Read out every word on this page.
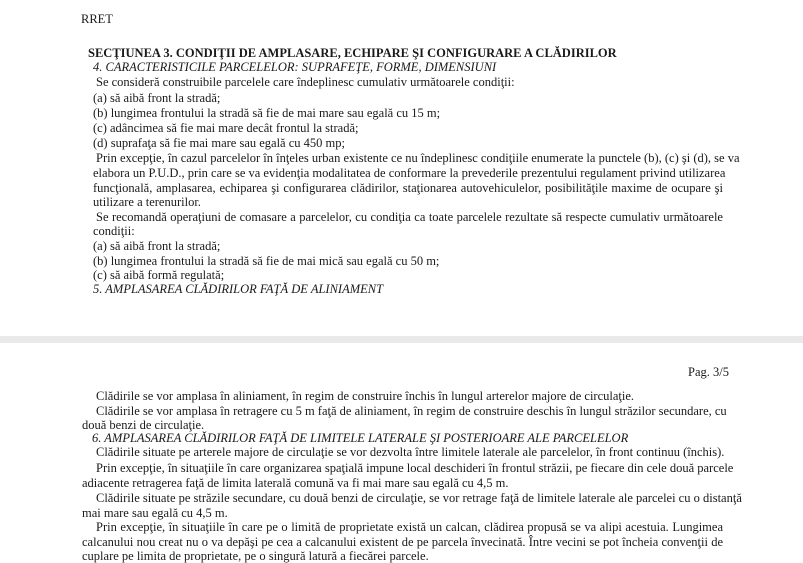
RRET
SECŢIUNEA 3. CONDIŢII DE AMPLASARE, ECHIPARE ŞI CONFIGURARE A CLĂDIRILOR
4. CARACTERISTICILE PARCELELOR: SUPRAFEŢE, FORME, DIMENSIUNI
Se consideră construibile parcelele care îndeplinesc cumulativ următoarele condiţii:
(a) să aibă front la stradă;
(b) lungimea frontului la stradă să fie de mai mare sau egală cu 15 m;
(c) adâncimea să fie mai mare decât frontul la stradă;
(d) suprafaţa să fie mai mare sau egală cu 450 mp;
Prin excepţie, în cazul parcelelor în înţeles urban existente ce nu îndeplinesc condiţiile enumerate la punctele (b), (c) şi (d), se va
elabora un P.U.D., prin care se va evidenţia modalitatea de conformare la prevederile prezentului regulament privind utilizarea
funcţională, amplasarea, echiparea şi configurarea clădirilor, staţionarea autovehiculelor, posibilităţile maxime de ocupare şi
utilizare a terenurilor.
Se recomandă operaţiuni de comasare a parcelelor, cu condiţia ca toate parcelele rezultate să respecte cumulativ următoarele
condiţii:
(a) să aibă front la stradă;
(b) lungimea frontului la stradă să fie de mai mică sau egală cu 50 m;
(c) să aibă formă regulată;
5. AMPLASAREA CLĂDIRILOR FAŢĂ DE ALINIAMENT
Pag. 3/5
Clădirile se vor amplasa în aliniament, în regim de construire închis în lungul arterelor majore de circulaţie.
Clădirile se vor amplasa în retragere cu 5 m faţă de aliniament, în regim de construire deschis în lungul străzilor secundare, cu
două benzi de circulaţie.
6. AMPLASAREA CLĂDIRILOR FAŢĂ DE LIMITELE LATERALE ŞI POSTERIOARE ALE PARCELELOR
Clădirile situate pe arterele majore de circulaţie se vor dezvolta între limitele laterale ale parcelelor, în front continuu (închis).
Prin excepţie, în situaţiile în care organizarea spaţială impune local deschideri în frontul străzii, pe fiecare din cele două parcele
adiacente retragerea faţă de limita laterală comună va fi mai mare sau egală cu 4,5 m.
Clădirile situate pe străzile secundare, cu două benzi de circulaţie, se vor retrage faţă de limitele laterale ale parcelei cu o distanţă
mai mare sau egală cu 4,5 m.
Prin excepţie, în situaţiile în care pe o limită de proprietate există un calcan, clădirea propusă se va alipi acestuia. Lungimea
calcanului nou creat nu o va depăşi pe cea a calcanului existent de pe parcela învecinată. Între vecini se pot încheia convenţii de
cuplare pe limita de proprietate, pe o singură latură a fiecărei parcele.
